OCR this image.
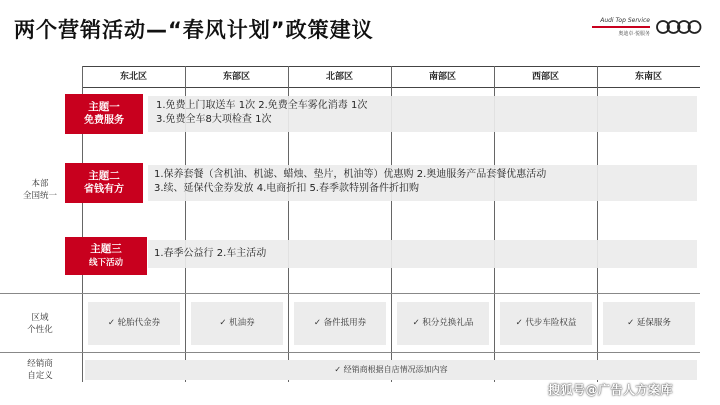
两个营销活动—“春风计划”政策建议	Audi Top Service
奥迪卓·悦服务
东北区	东部区	北部区	南部区	西部区	东南区
本部
全国统一
区域
个性化
经销商
自定义
1.免费上门取送车 1次 2.免费全车雾化消毒 1次
3.免费全车8大项检查 1次
主题一
免费服务
1.保养套餐（含机油、机滤、蜡烛、垫片，机油等）优惠购 2.奥迪服务产品套餐优惠活动
3.续、延保代金券发放 4.电商折扣 5.春季款特别备件折扣购
主题二
省钱有方
1.春季公益行 2.车主活动
主题三
线下活动
✓ 轮胎代金券	✓ 机油券	✓ 备件抵用券	✓ 积分兑换礼品	✓ 代步车险权益	✓ 延保服务
✓ 经销商根据自店情况添加内容
搜狐号@广告人方案库
